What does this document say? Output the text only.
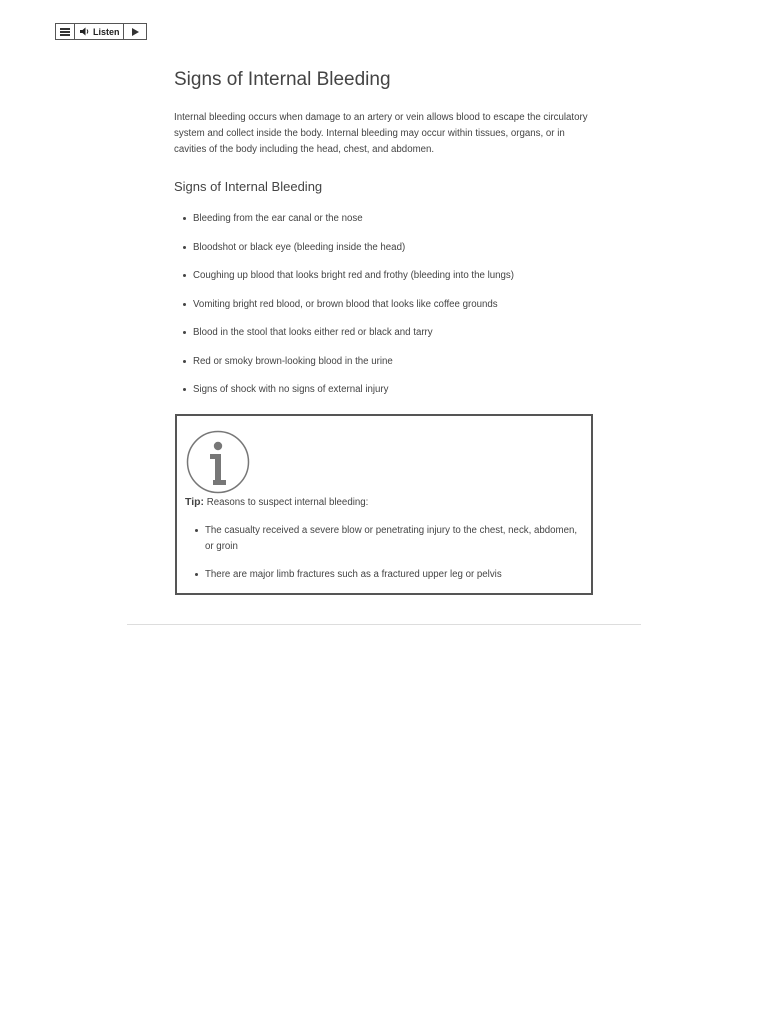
Listen
Signs of Internal Bleeding

Internal bleeding occurs when damage to an artery or vein allows blood to escape the circulatory system and collect inside the body. Internal bleeding may occur within tissues, organs, or in cavities of the body including the head, chest, and abdomen.

Signs of Internal Bleeding
Bleeding from the ear canal or the nose
Bloodshot or black eye (bleeding inside the head)
Coughing up blood that looks bright red and frothy (bleeding into the lungs)
Vomiting bright red blood, or brown blood that looks like coffee grounds
Blood in the stool that looks either red or black and tarry
Red or smoky brown-looking blood in the urine
Signs of shock with no signs of external injury
Tip: Reasons to suspect internal bleeding:
The casualty received a severe blow or penetrating injury to the chest, neck, abdomen, or groin
There are major limb fractures such as a fractured upper leg or pelvis
